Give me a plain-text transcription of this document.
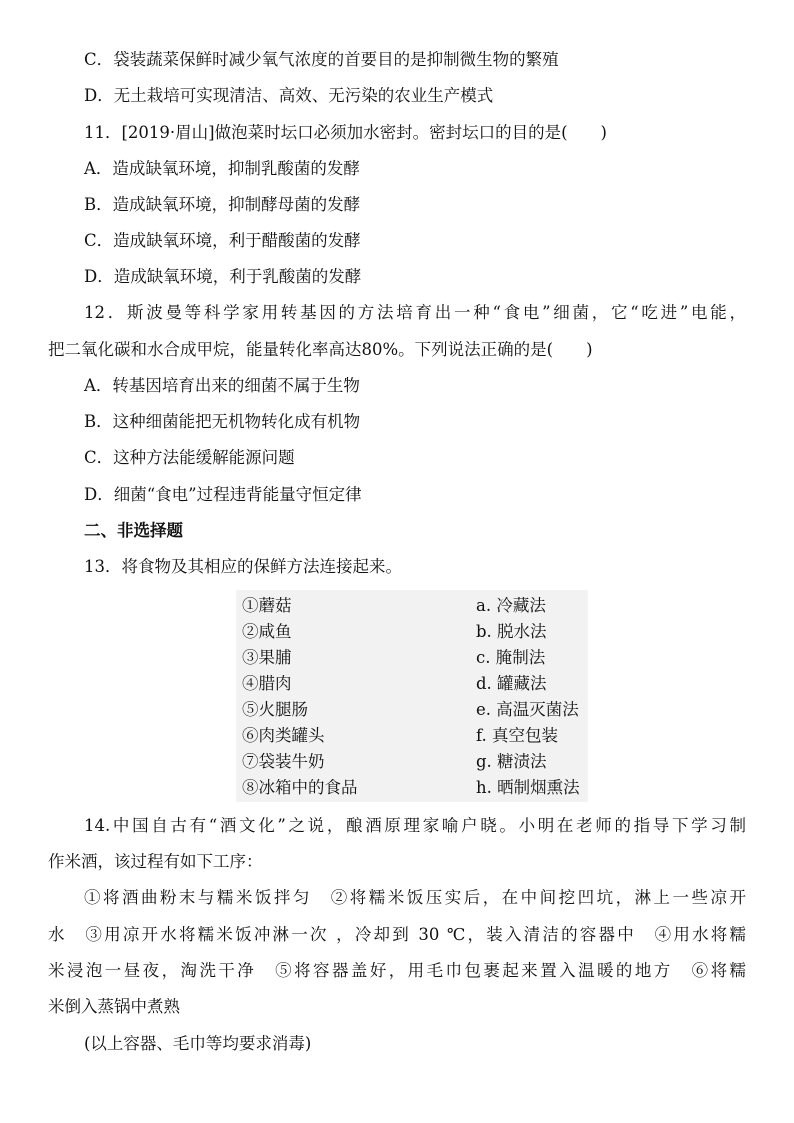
C．袋装蔬菜保鲜时减少氧气浓度的首要目的是抑制微生物的繁殖
D．无土栽培可实现清洁、高效、无污染的农业生产模式
11．[2019·眉山]做泡菜时坛口必须加水密封。密封坛口的目的是(　　)
A．造成缺氧环境，抑制乳酸菌的发酵
B．造成缺氧环境，抑制酵母菌的发酵
C．造成缺氧环境，利于醋酸菌的发酵
D．造成缺氧环境，利于乳酸菌的发酵
12．斯波曼等科学家用转基因的方法培育出一种“食电”细菌，它“吃进”电能，
把二氧化碳和水合成甲烷，能量转化率高达80%。下列说法正确的是(　　)
A．转基因培育出来的细菌不属于生物
B．这种细菌能把无机物转化成有机物
C．这种方法能缓解能源问题
D．细菌“食电”过程违背能量守恒定律
二、非选择题
13．将食物及其相应的保鲜方法连接起来。
①蘑菇
②咸鱼
③果脯
④腊肉
⑤火腿肠
⑥肉类罐头
⑦袋装牛奶
⑧冰箱中的食品
a. 冷藏法
b. 脱水法
c. 腌制法
d. 罐藏法
e. 高温灭菌法
f. 真空包装
g. 糖渍法
h. 晒制烟熏法
14.中国自古有“酒文化”之说，酿酒原理家喻户晓。小明在老师的指导下学习制
作米酒，该过程有如下工序：
①将酒曲粉末与糯米饭拌匀　②将糯米饭压实后，在中间挖凹坑，淋上一些凉开
水　③用凉开水将糯米饭冲淋一次 ，冷却到 30 ℃，装入清洁的容器中　④用水将糯
米浸泡一昼夜，淘洗干净　⑤将容器盖好，用毛巾包裹起来置入温暖的地方　⑥将糯
米倒入蒸锅中煮熟
(以上容器、毛巾等均要求消毒)
